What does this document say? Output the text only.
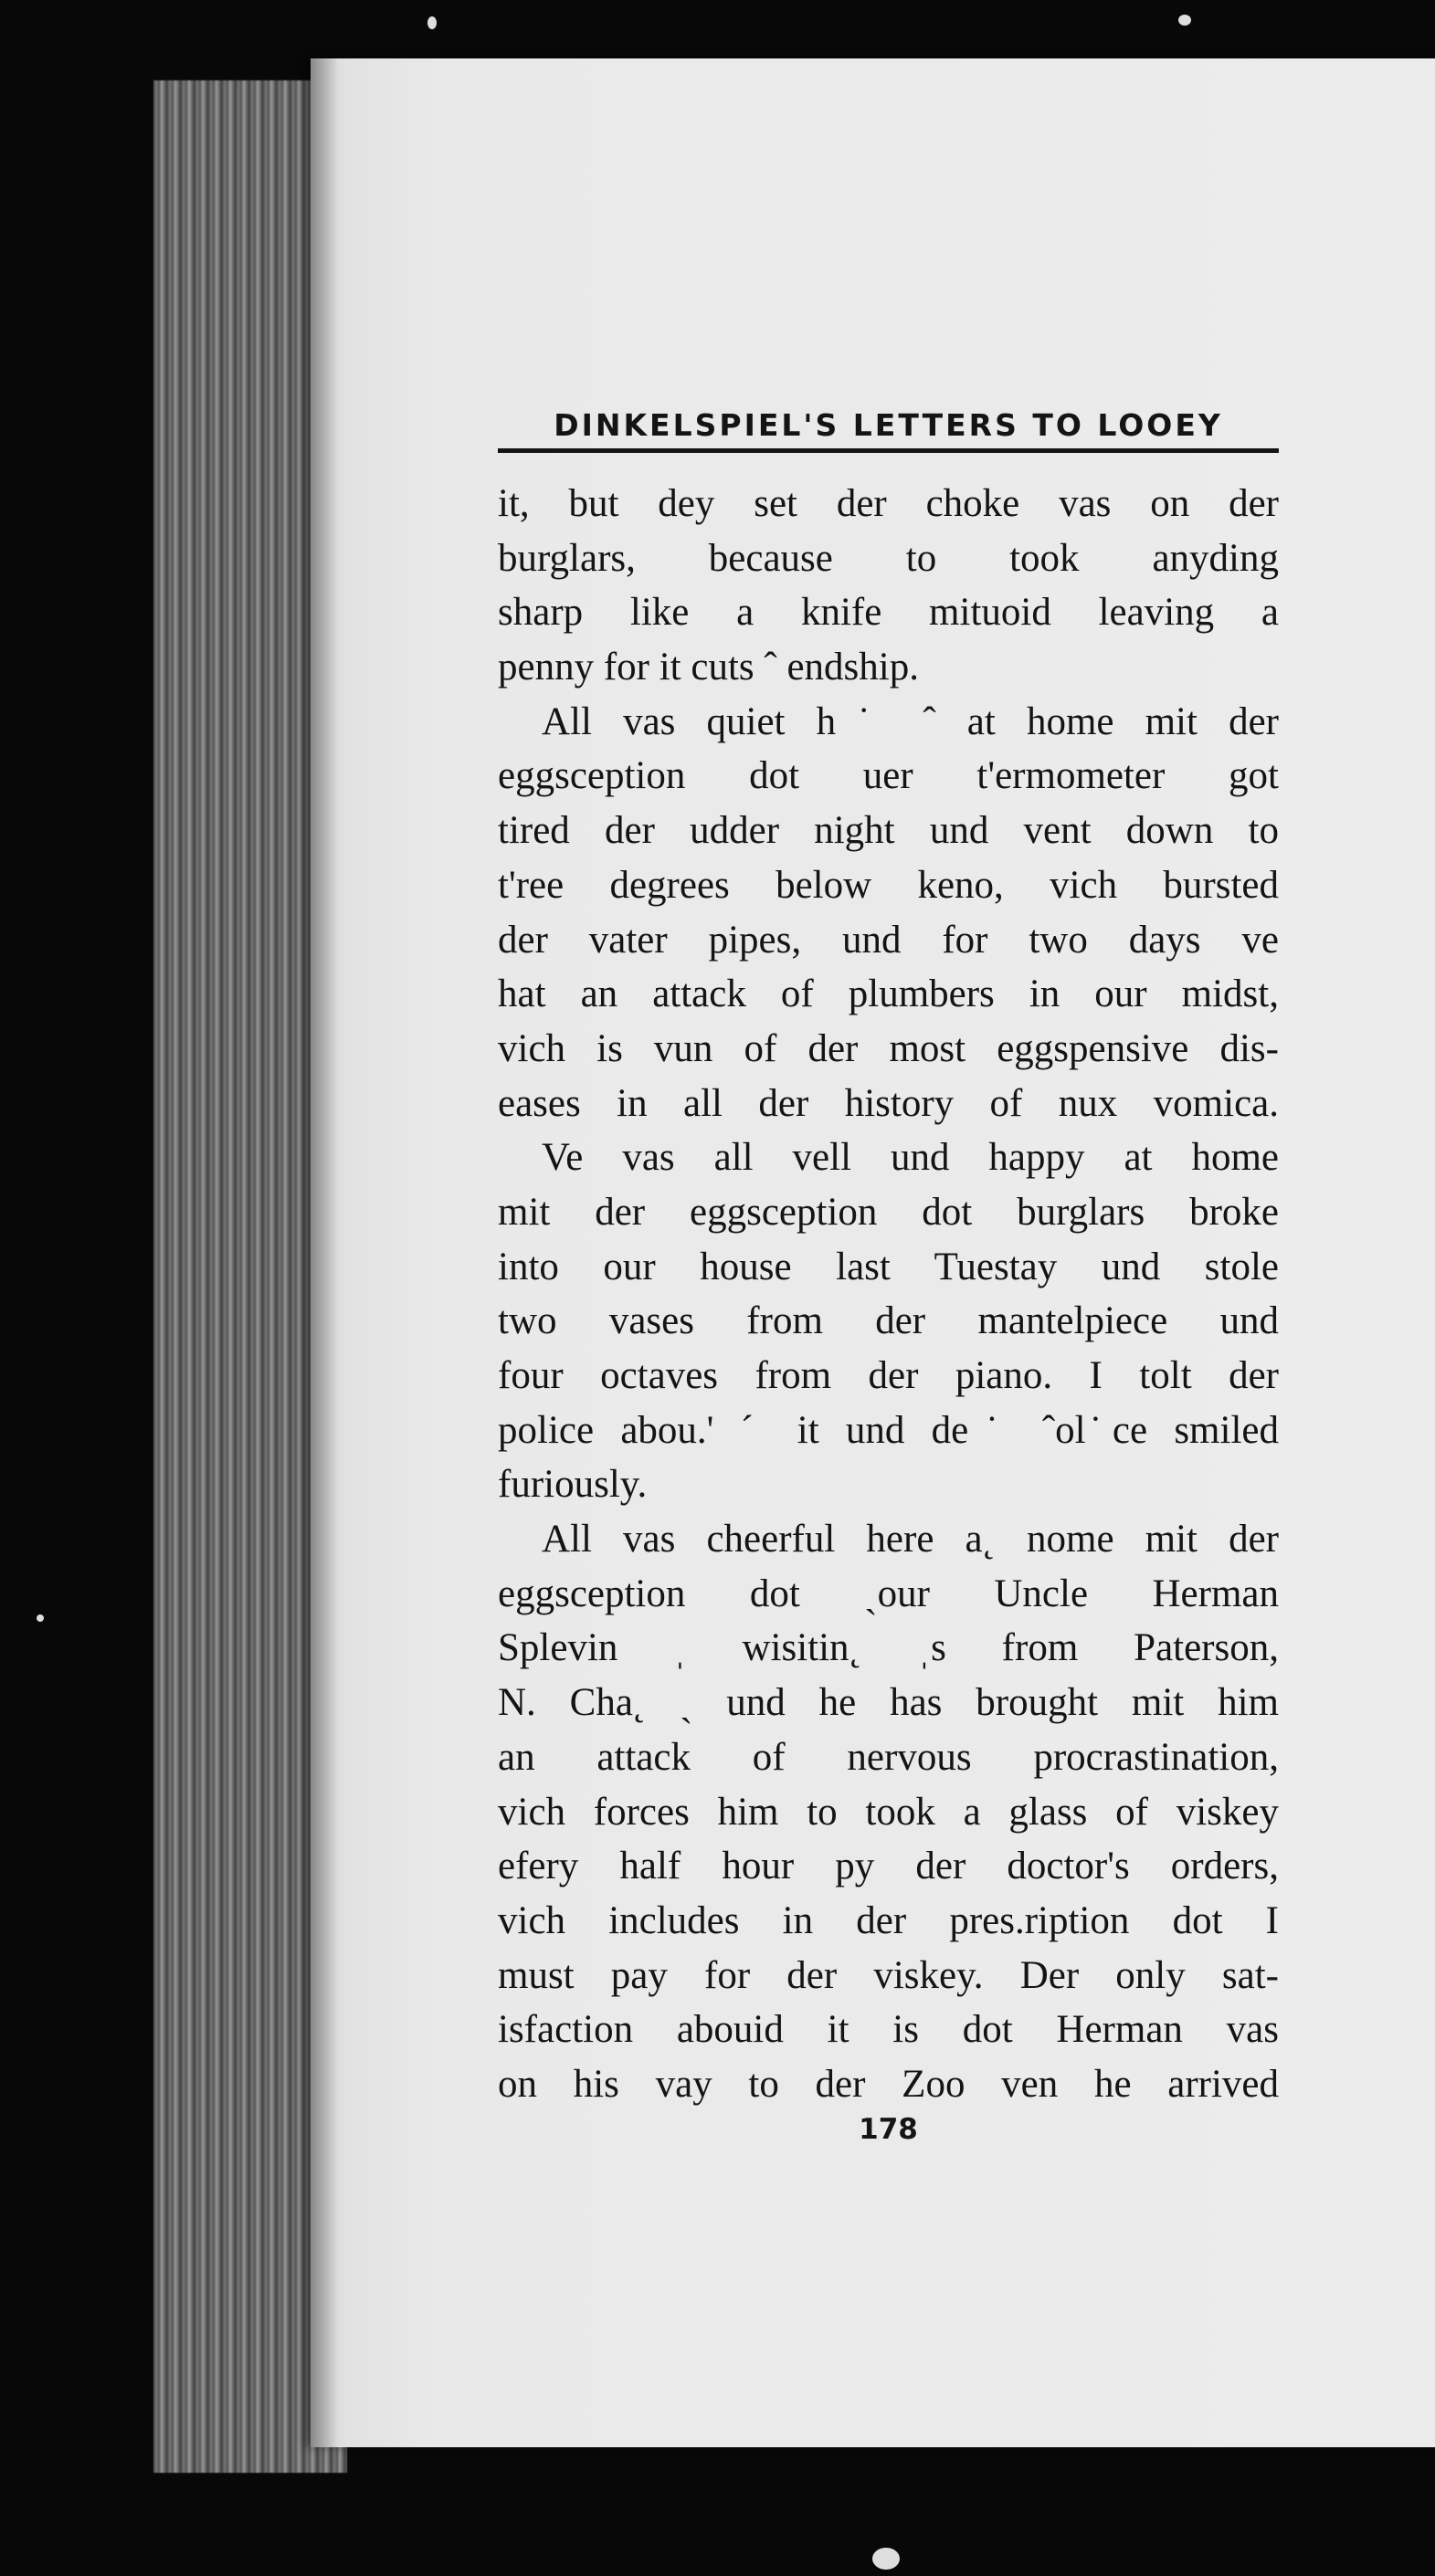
DINKELSPIEL'S LETTERS TO LOOEY
it, but dey set der choke vas on der
burglars, because to took anyding
sharp like a knife mituoid leaving a
penny for it cuts ˆ endship.
All vas quiet h˙ ˆ at home mit der
eggsception dot uer t'ermometer got
tired der udder night und vent down to
t'ree degrees below keno, vich bursted
der vater pipes, und for two days ve
hat an attack of plumbers in our midst,
vich is vun of der most eggspensive dis-
eases in all der history of nux vomica.
Ve vas all vell und happy at home
mit der eggsception dot burglars broke
into our house last Tuestay und stole
two vases from der mantelpiece und
four octaves from der piano. I tolt der
police abou.' ˊ it und de˙ ˆol ̇ce smiled
furiously.
All vas cheerful here a˛ nome mit der
eggsception dot ˏour Uncle Herman
Splevin ˌ wisitin˛ ˌs from Paterson,
N. Cha˛ ˏ und he has brought mit him
an attack of nervous procrastination,
vich forces him to took a glass of viskey
efery half hour py der doctor's orders,
vich includes in der pres.ription dot I
must pay for der viskey. Der only sat-
isfaction abouid it is dot Herman vas
on his vay to der Zoo ven he arrived
178
